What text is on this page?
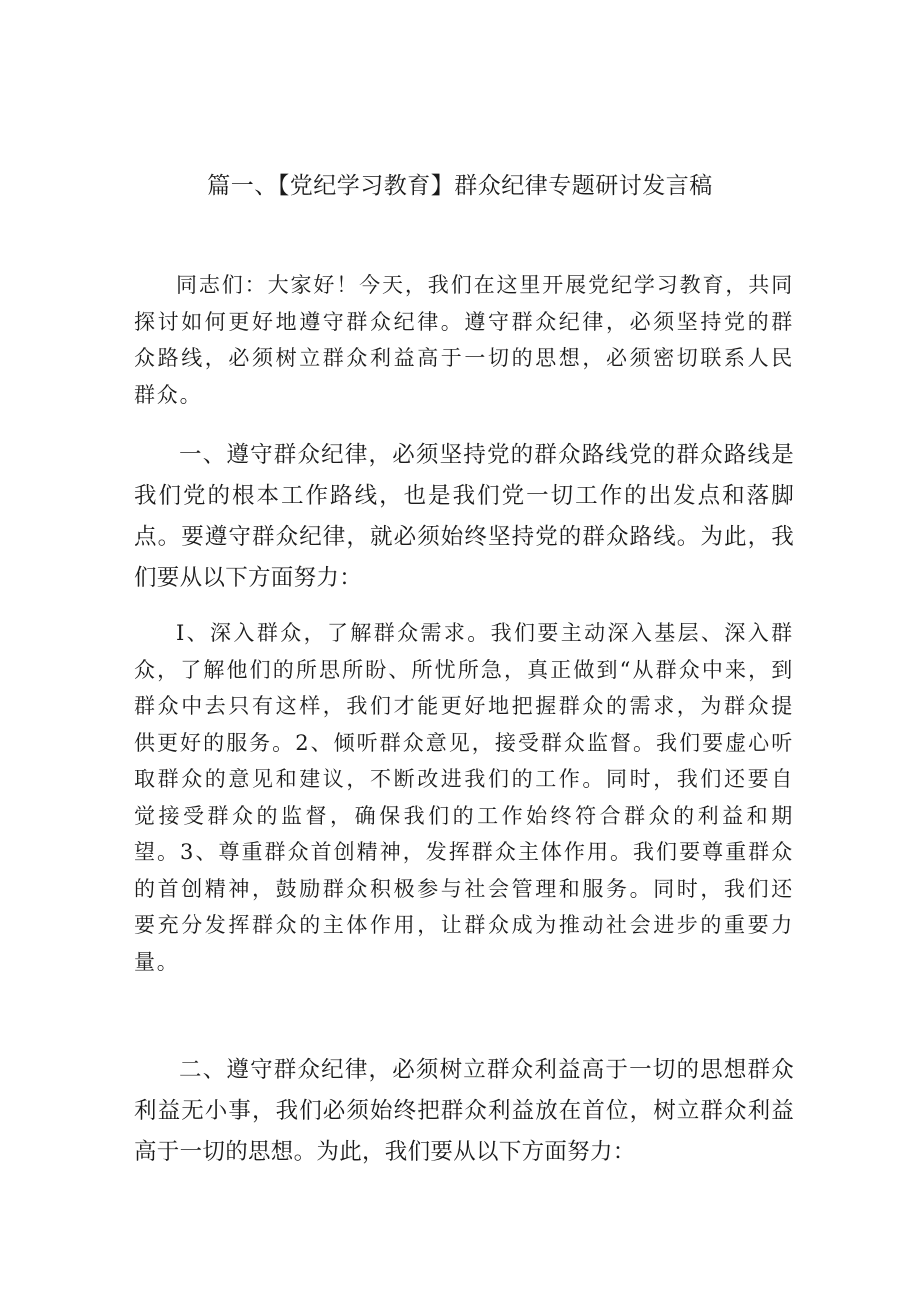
篇一、【党纪学习教育】群众纪律专题研讨发言稿

同志们：大家好！今天，我们在这里开展党纪学习教育，共同探讨如何更好地遵守群众纪律。遵守群众纪律，必须坚持党的群众路线，必须树立群众利益高于一切的思想，必须密切联系人民群众。

一、遵守群众纪律，必须坚持党的群众路线党的群众路线是我们党的根本工作路线，也是我们党一切工作的出发点和落脚点。要遵守群众纪律，就必须始终坚持党的群众路线。为此，我们要从以下方面努力：

I、深入群众，了解群众需求。我们要主动深入基层、深入群众，了解他们的所思所盼、所忧所急，真正做到“从群众中来，到群众中去只有这样，我们才能更好地把握群众的需求，为群众提供更好的服务。2、倾听群众意见，接受群众监督。我们要虚心听取群众的意见和建议，不断改进我们的工作。同时，我们还要自觉接受群众的监督，确保我们的工作始终符合群众的利益和期望。3、尊重群众首创精神，发挥群众主体作用。我们要尊重群众的首创精神，鼓励群众积极参与社会管理和服务。同时，我们还要充分发挥群众的主体作用，让群众成为推动社会进步的重要力量。

二、遵守群众纪律，必须树立群众利益高于一切的思想群众利益无小事，我们必须始终把群众利益放在首位，树立群众利益高于一切的思想。为此，我们要从以下方面努力：
